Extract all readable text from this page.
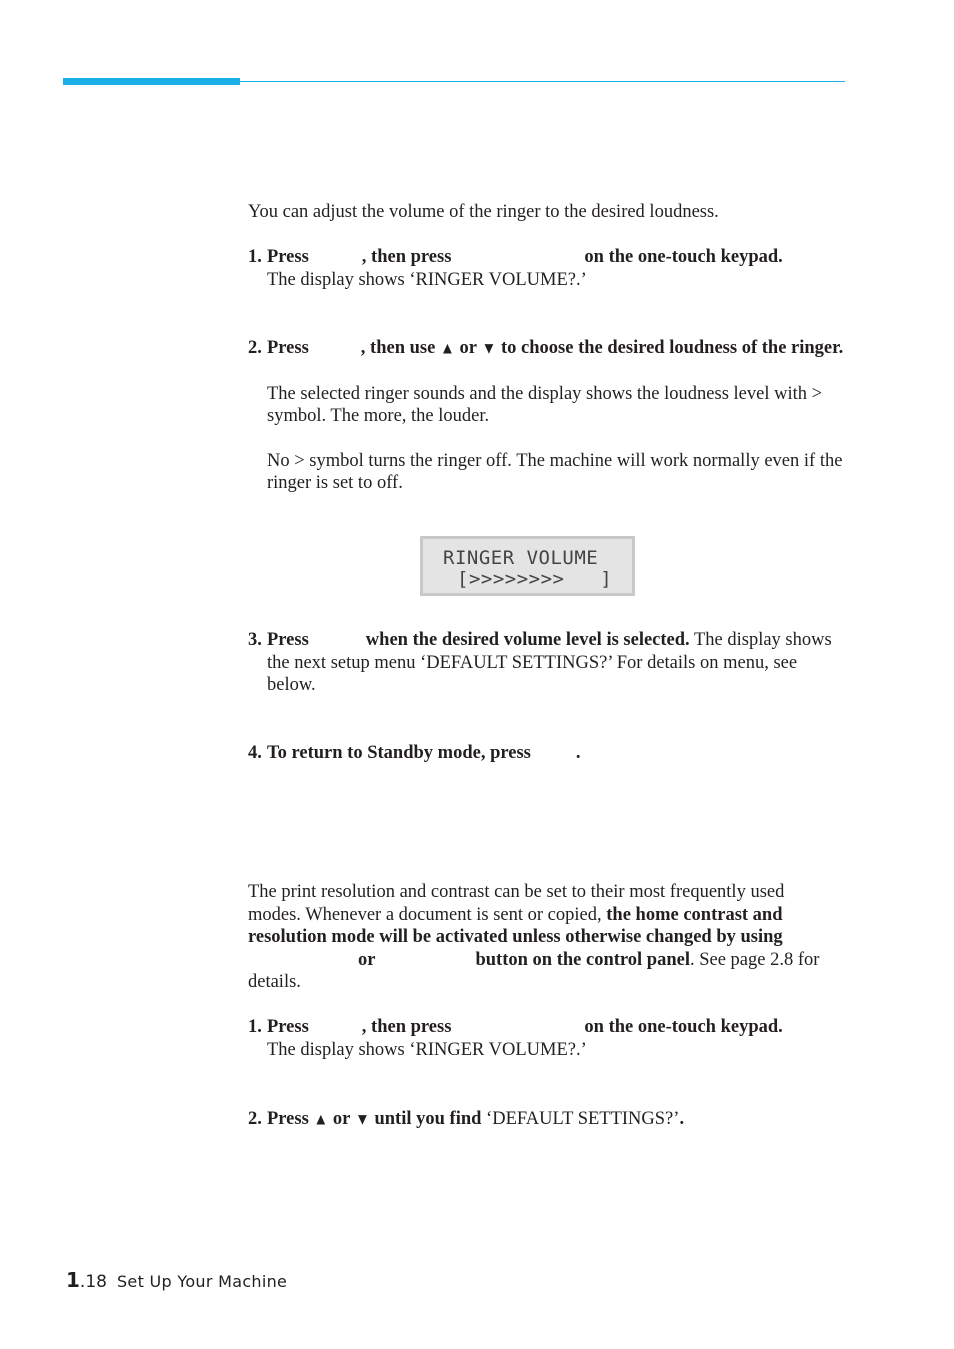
You can adjust the volume of the ringer to the desired loudness.

1. Press	, then press	on the one-touch keypad.
The display shows ‘RINGER VOLUME?.’
2. Press	, then use ▲ or ▼ to choose the desired loudness of the ringer.
The selected ringer sounds and the display shows the loudness level with > symbol. The more, the louder.
No > symbol turns the ringer off. The machine will work normally even if the ringer is set to off.
RINGER VOLUME
[>>>>>>>>   ]
3. Press	when the desired volume level is selected. The display shows the next setup menu ‘DEFAULT SETTINGS?’ For details on menu, see below.
4. To return to Standby mode, press .

The print resolution and contrast can be set to their most frequently used modes. Whenever a document is sent or copied, the home contrast and resolution mode will be activated unless otherwise changed by usingor	button on the control panel. See page 2.8 for details.

1. Press	, then press	on the one-touch keypad.
The display shows ‘RINGER VOLUME?.’
2. Press ▲ or ▼ until you find ‘DEFAULT SETTINGS?’.
1.18 Set Up Your Machine
